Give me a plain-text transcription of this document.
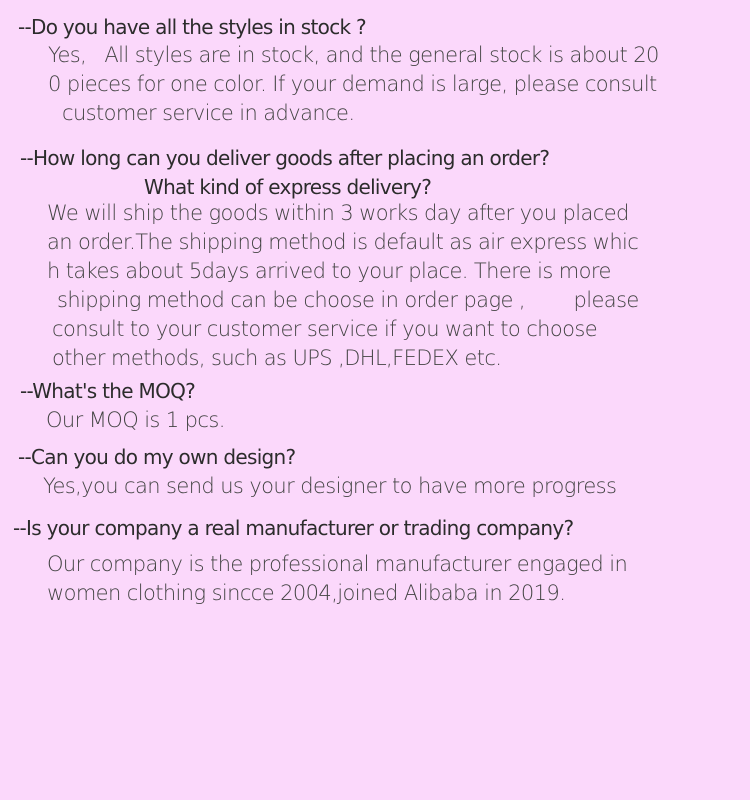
--Do you have all the styles in stock ?
Yes,   All styles are in stock, and the general stock is about 20
0 pieces for one color. If your demand is large, please consult
customer service in advance.
--How long can you deliver goods after placing an order?
What kind of express delivery?
We will ship the goods within 3 works day after you placed
an order.The shipping method is default as air express whic
h takes about 5days arrived to your place. There is more
shipping method can be choose in order page ,        please
consult to your customer service if you want to choose
other methods, such as UPS ,DHL,FEDEX etc.
--What's the MOQ?
Our MOQ is 1 pcs.
--Can you do my own design?
Yes,you can send us your designer to have more progress
--Is your company a real manufacturer or trading company?
Our company is the professional manufacturer engaged in
women clothing sincce 2004,joined Alibaba in 2019.
